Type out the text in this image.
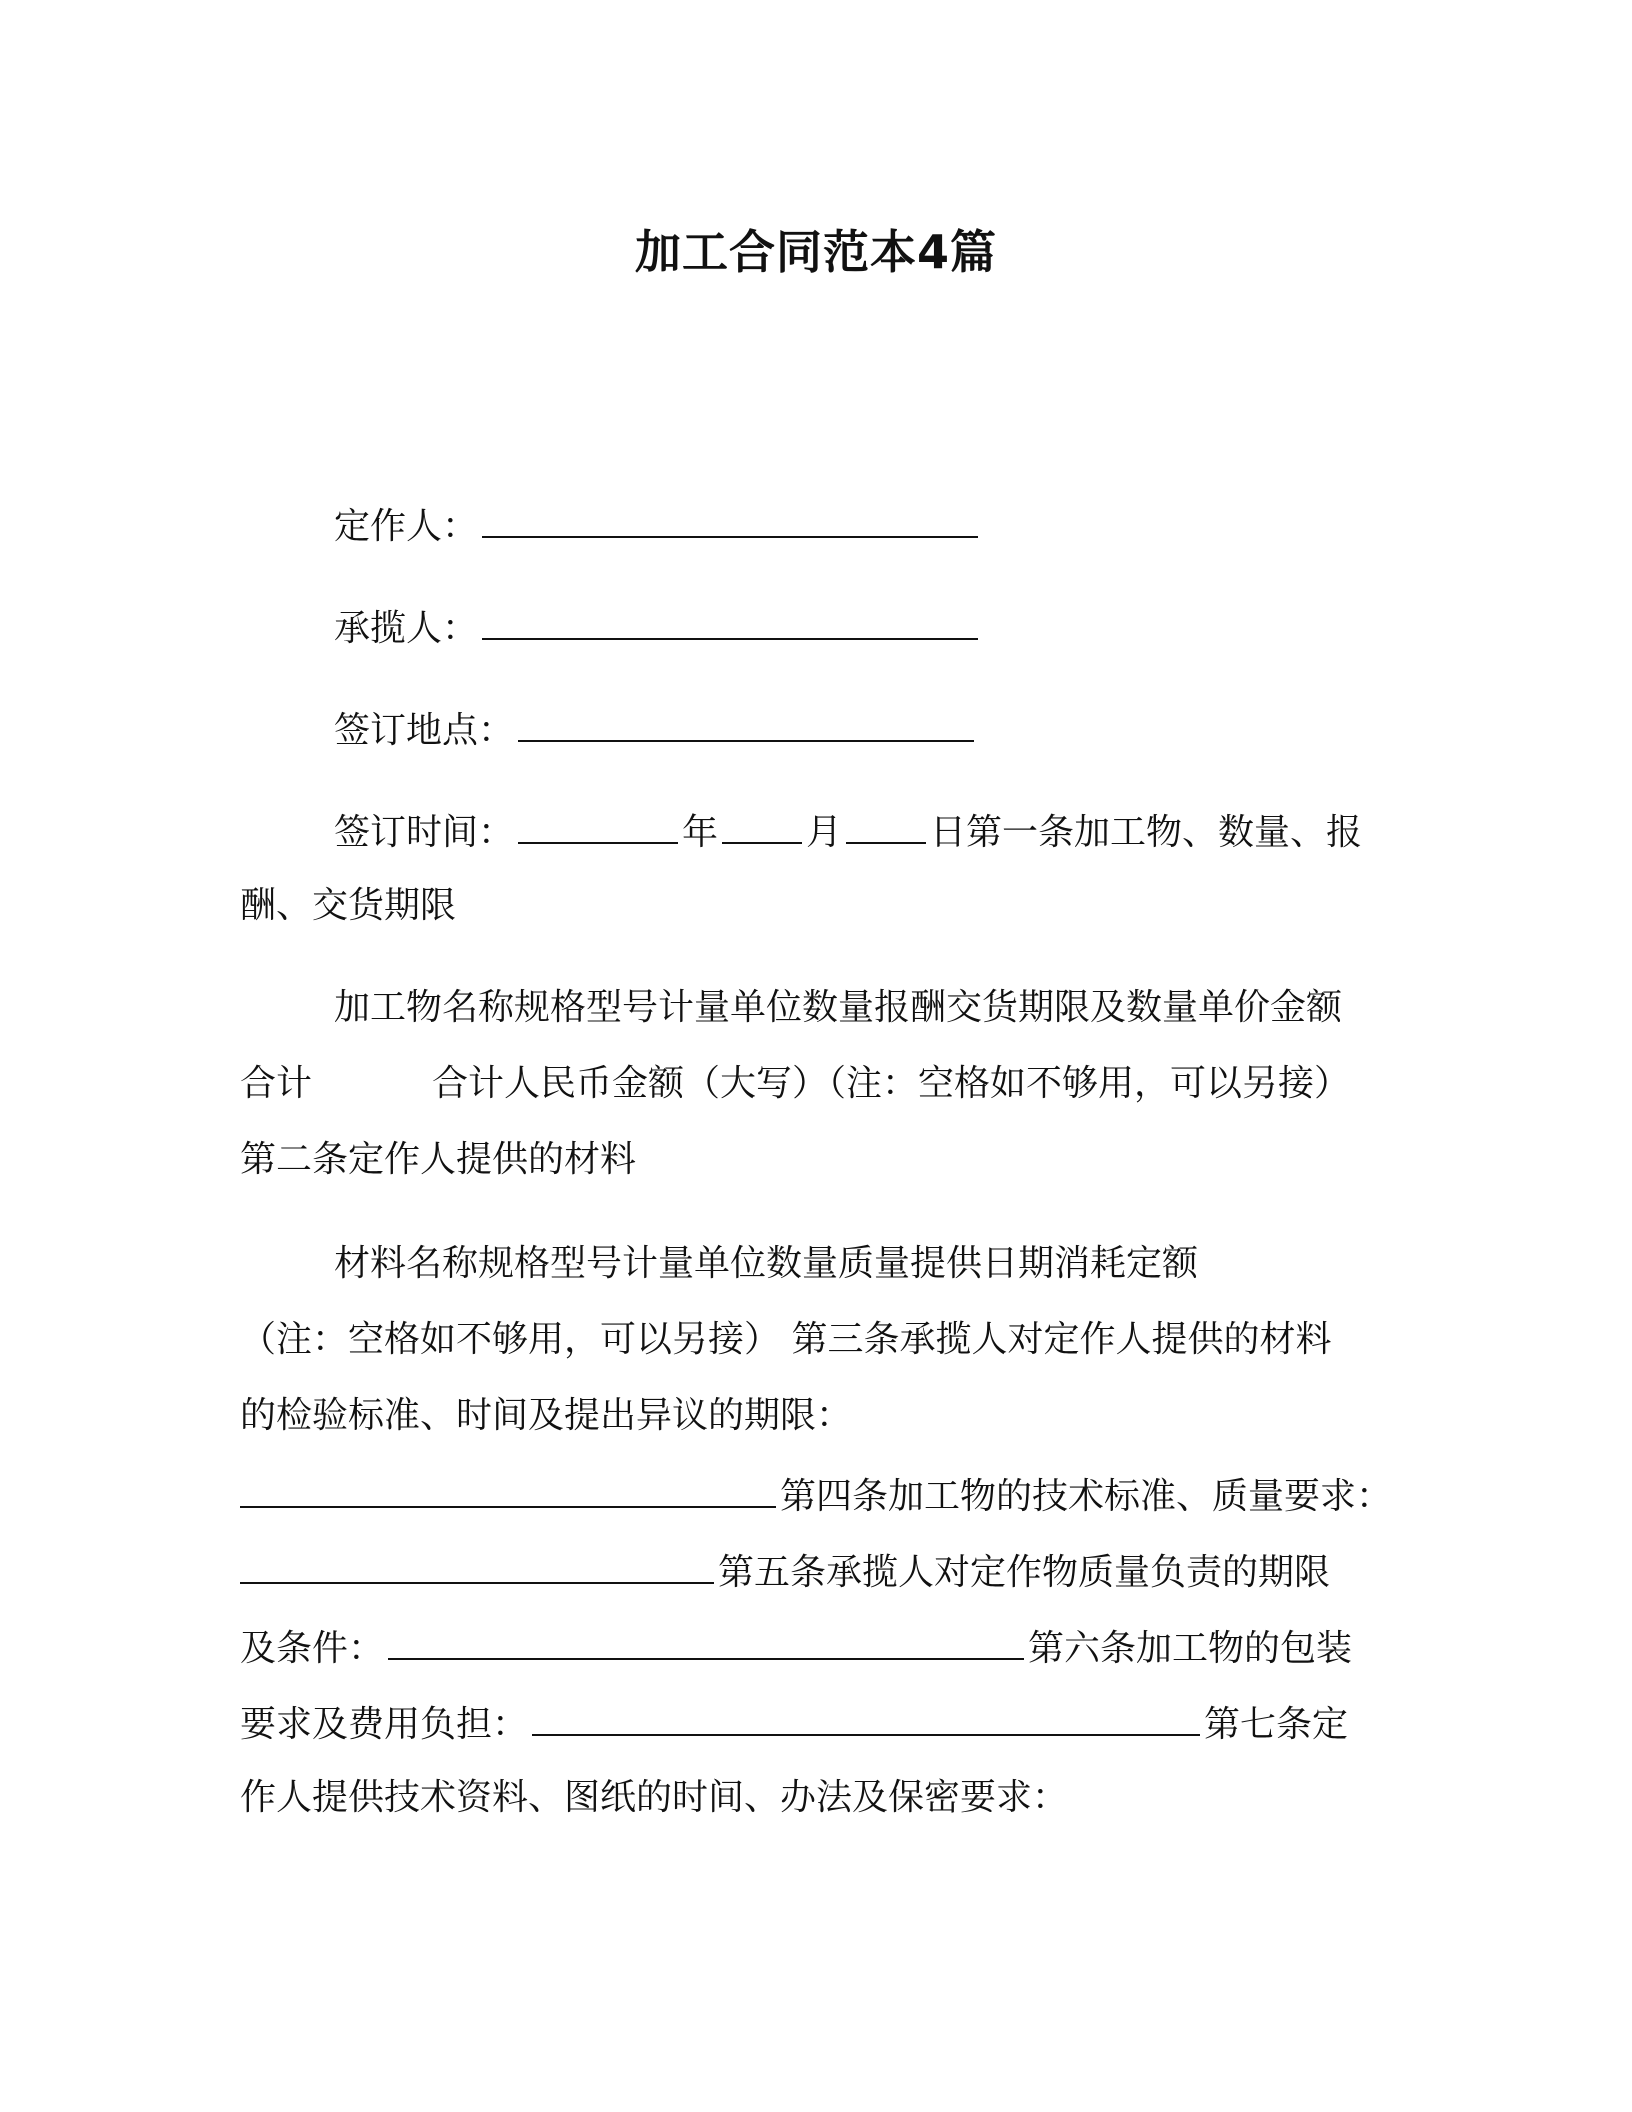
加工合同范本4篇
定作人：
承揽人：
签订地点：
签订时间：	年 月 日第一条加工物、数量、报
酬、交货期限
加工物名称规格型号计量单位数量报酬交货期限及数量单价金额
合计	合计人民币金额（大写）（注：空格如不够用，可以另接）
第二条定作人提供的材料
材料名称规格型号计量单位数量质量提供日期消耗定额
（注：空格如不够用，可以另接） 第三条承揽人对定作人提供的材料
的检验标准、时间及提出异议的期限：
第四条加工物的技术标准、质量要求：
第五条承揽人对定作物质量负责的期限
及条件：	第六条加工物的包装
要求及费用负担：	第七条定
作人提供技术资料、图纸的时间、办法及保密要求：
